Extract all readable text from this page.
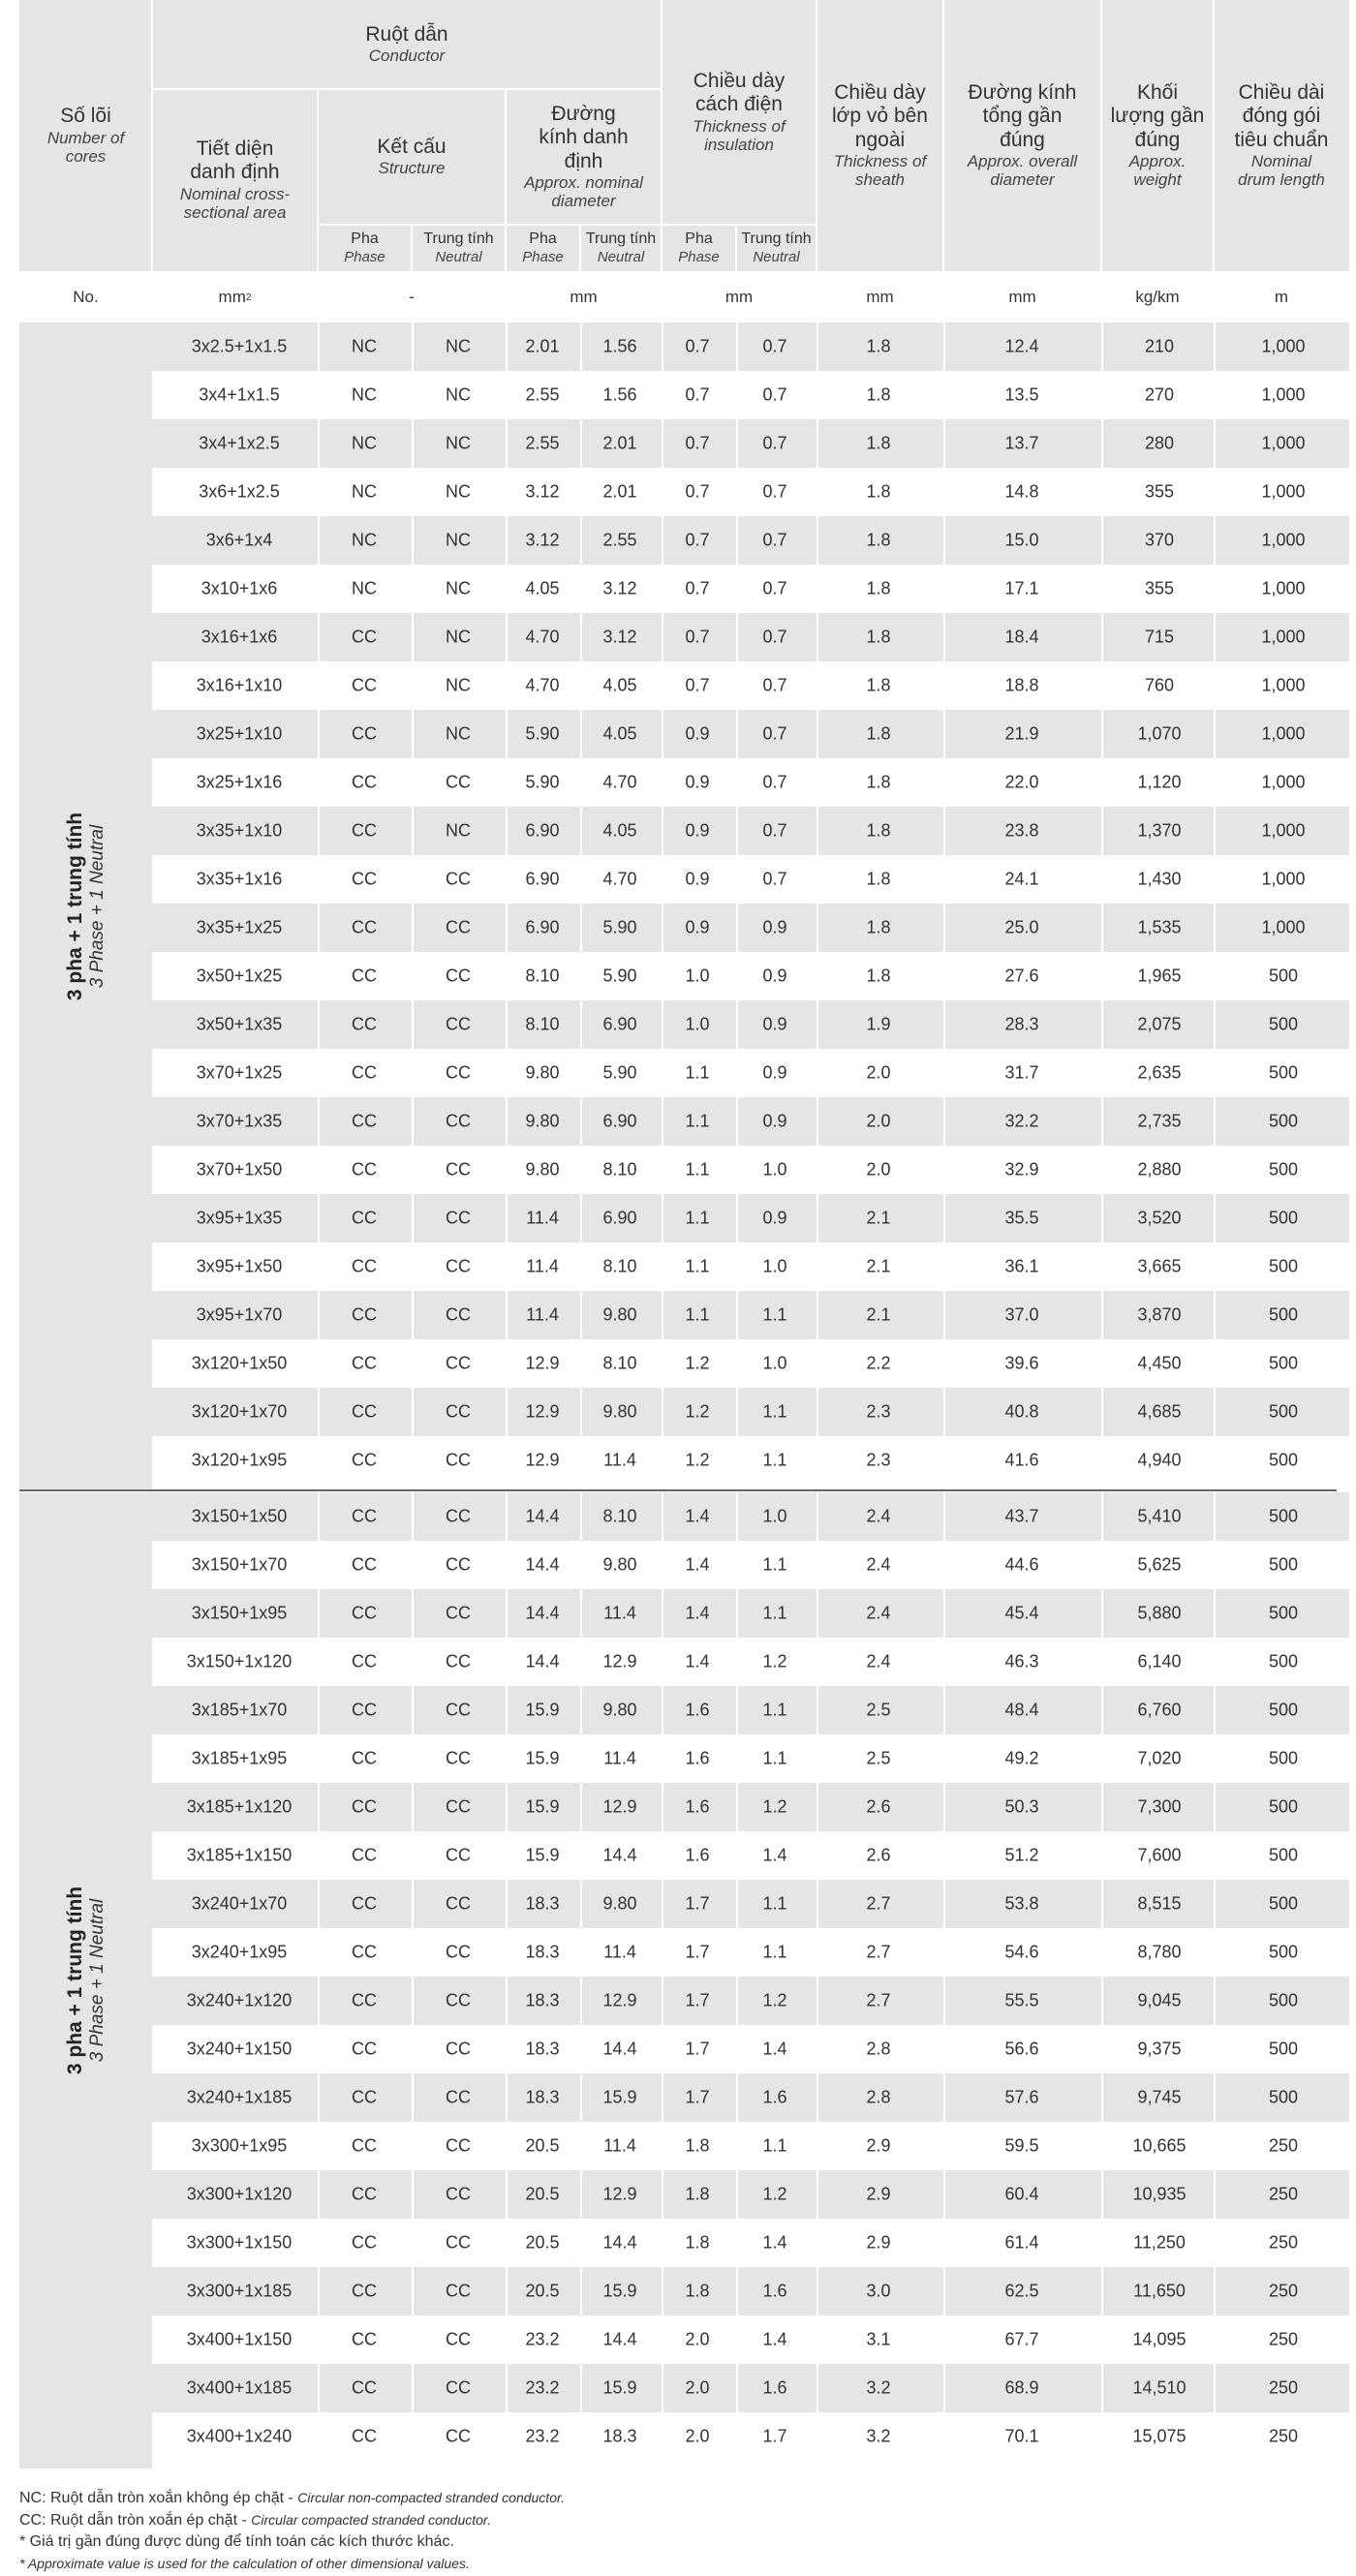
Số lõi
Number of cores
Ruột dẫn
Conductor
Tiết diện danh định
Nominal cross-sectional area
Kết cấu
Structure
Đường kính danh định
Approx. nominal diameter
Chiều dày cách điện
Thickness of insulation
Chiều dày lớp vỏ bên ngoài
Thickness of sheath
Đường kính tổng gần đúng
Approx. overall diameter
Khối lượng gần đúng
Approx. weight
Chiều dài đóng gói tiêu chuẩn
Nominal drum length
Pha
Phase
Trung tính
Neutral
Pha
Phase
Trung tính
Neutral
Pha
Phase
Trung tính
Neutral
No.	mm 2	-	mm	mm	mm	mm	kg/km	m
3 pha + 1 trung tính 3 Phase + 1 Neutral
3 pha + 1 trung tính 3 Phase + 1 Neutral
3x2.5+1x1.5	NC	NC	2.01 1.56	0.7	0.7	1.8	12.4	210	1,000
3x4+1x1.5	NC	NC	2.55 1.56	0.7	0.7	1.8	13.5	270	1,000
3x4+1x2.5	NC	NC	2.55 2.01	0.7	0.7	1.8	13.7	280	1,000
3x6+1x2.5	NC	NC	3.12 2.01	0.7	0.7	1.8	14.8	355	1,000
3x6+1x4	NC	NC	3.12 2.55	0.7	0.7	1.8	15.0	370	1,000
3x10+1x6	NC	NC	4.05 3.12	0.7	0.7	1.8	17.1	355	1,000
3x16+1x6	CC	NC	4.70 3.12	0.7	0.7	1.8	18.4	715	1,000
3x16+1x10	CC	NC	4.70 4.05	0.7	0.7	1.8	18.8	760	1,000
3x25+1x10	CC	NC	5.90 4.05	0.9	0.7	1.8	21.9	1,070	1,000
3x25+1x16	CC	CC	5.90 4.70	0.9	0.7	1.8	22.0	1,120	1,000
3x35+1x10	CC	NC	6.90 4.05	0.9	0.7	1.8	23.8	1,370	1,000
3x35+1x16	CC	CC	6.90 4.70	0.9	0.7	1.8	24.1	1,430	1,000
3x35+1x25	CC	CC	6.90 5.90	0.9	0.9	1.8	25.0	1,535	1,000
3x50+1x25	CC	CC	8.10 5.90	1.0	0.9	1.8	27.6	1,965	500
3x50+1x35	CC	CC	8.10 6.90	1.0	0.9	1.9	28.3	2,075	500
3x70+1x25	CC	CC	9.80 5.90	1.1	0.9	2.0	31.7	2,635	500
3x70+1x35	CC	CC	9.80 6.90	1.1	0.9	2.0	32.2	2,735	500
3x70+1x50	CC	CC	9.80 8.10	1.1	1.0	2.0	32.9	2,880	500
3x95+1x35	CC	CC	11.4	6.90	1.1	0.9	2.1	35.5	3,520	500
3x95+1x50	CC	CC	11.4	8.10	1.1	1.0	2.1	36.1	3,665	500
3x95+1x70	CC	CC	11.4	9.80	1.1	1.1	2.1	37.0	3,870	500
3x120+1x50	CC	CC	12.9 8.10	1.2	1.0	2.2	39.6	4,450	500
3x120+1x70	CC	CC	12.9 9.80	1.2	1.1	2.3	40.8	4,685	500
3x120+1x95	CC	CC	12.9	11.4	1.2	1.1	2.3	41.6	4,940	500
3x150+1x50	CC	CC	14.4 8.10	1.4	1.0	2.4	43.7	5,410	500
3x150+1x70	CC	CC	14.4 9.80	1.4	1.1	2.4	44.6	5,625	500
3x150+1x95	CC	CC	14.4	11.4	1.4	1.1	2.4	45.4	5,880	500
3x150+1x120	CC	CC	14.4 12.9	1.4	1.2	2.4	46.3	6,140	500
3x185+1x70	CC	CC	15.9 9.80	1.6	1.1	2.5	48.4	6,760	500
3x185+1x95	CC	CC	15.9	11.4	1.6	1.1	2.5	49.2	7,020	500
3x185+1x120	CC	CC	15.9 12.9	1.6	1.2	2.6	50.3	7,300	500
3x185+1x150	CC	CC	15.9 14.4	1.6	1.4	2.6	51.2	7,600	500
3x240+1x70	CC	CC	18.3 9.80	1.7	1.1	2.7	53.8	8,515	500
3x240+1x95	CC	CC	18.3	11.4	1.7	1.1	2.7	54.6	8,780	500
3x240+1x120	CC	CC	18.3 12.9	1.7	1.2	2.7	55.5	9,045	500
3x240+1x150	CC	CC	18.3 14.4	1.7	1.4	2.8	56.6	9,375	500
3x240+1x185	CC	CC	18.3 15.9	1.7	1.6	2.8	57.6	9,745	500
3x300+1x95	CC	CC	20.5	11.4	1.8	1.1	2.9	59.5	10,665	250
3x300+1x120	CC	CC	20.5 12.9	1.8	1.2	2.9	60.4	10,935	250
3x300+1x150	CC	CC	20.5 14.4	1.8	1.4	2.9	61.4	11,250	250
3x300+1x185	CC	CC	20.5 15.9	1.8	1.6	3.0	62.5	11,650	250
3x400+1x150	CC	CC	23.2 14.4	2.0	1.4	3.1	67.7	14,095	250
3x400+1x185	CC	CC	23.2 15.9	2.0	1.6	3.2	68.9	14,510	250
3x400+1x240	CC	CC	23.2 18.3	2.0	1.7	3.2	70.1	15,075	250
NC: Ruột dẫn tròn xoắn không ép chặt - Circular non-compacted stranded conductor.
CC: Ruột dẫn tròn xoắn ép chặt - Circular compacted stranded conductor.
* Giá trị gần đúng được dùng để tính toán các kích thước khác.
* Approximate value is used for the calculation of other dimensional values.
